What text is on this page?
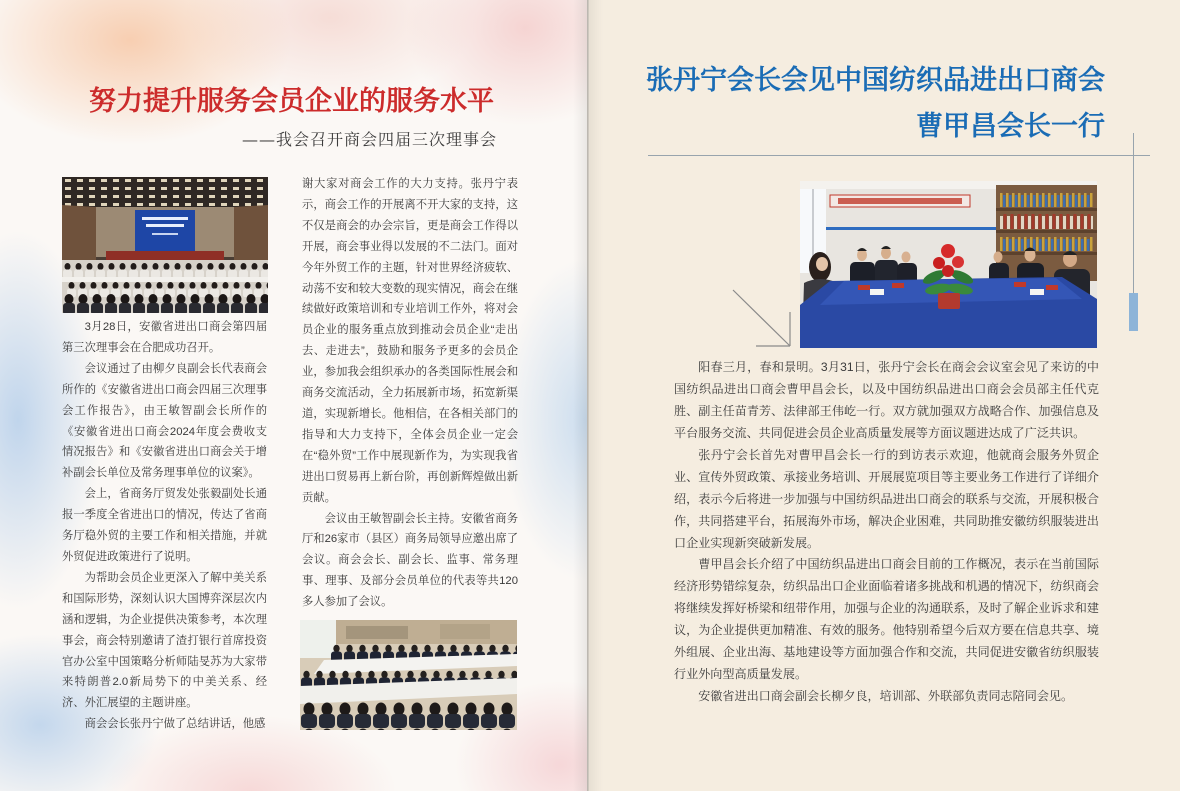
努力提升服务会员企业的服务水平
——我会召开商会四届三次理事会

3月28日，安徽省进出口商会第四届第三次理事会在合肥成功召开。

会议通过了由柳夕良副会长代表商会所作的《安徽省进出口商会四届三次理事会工作报告》，由王敏智副会长所作的《安徽省进出口商会2024年度会费收支情况报告》和《安徽省进出口商会关于增补副会长单位及常务理事单位的议案》。

会上，省商务厅贸发处张毅副处长通报一季度全省进出口的情况，传达了省商务厅稳外贸的主要工作和相关措施，并就外贸促进政策进行了说明。

为帮助会员企业更深入了解中美关系和国际形势，深刻认识大国博弈深层次内涵和逻辑，为企业提供决策参考，本次理事会，商会特别邀请了渣打银行首席投资官办公室中国策略分析师陆旻苏为大家带来特朗普2.0新局势下的中美关系、经济、外汇展望的主题讲座。

商会会长张丹宁做了总结讲话，他感

谢大家对商会工作的大力支持。张丹宁表示，商会工作的开展离不开大家的支持，这不仅是商会的办会宗旨，更是商会工作得以开展，商会事业得以发展的不二法门。面对今年外贸工作的主题，针对世界经济疲软、动荡不安和较大变数的现实情况，商会在继续做好政策培训和专业培训工作外，将对会员企业的服务重点放到推动会员企业“走出去、走进去”，鼓励和服务予更多的会员企业，参加我会组织承办的各类国际性展会和商务交流活动，全力拓展新市场，拓宽新渠道，实现新增长。他相信，在各相关部门的指导和大力支持下，全体会员企业一定会在“稳外贸”工作中展现新作为，为实现我省进出口贸易再上新台阶，再创新辉煌做出新贡献。

会议由王敏智副会长主持。安徽省商务厅和26家市（县区）商务局领导应邀出席了会议。商会会长、副会长、监事、常务理事、理事、及部分会员单位的代表等共120多人参加了会议。

张丹宁会长会见中国纺织品进出口商会
曹甲昌会长一行

阳春三月，春和景明。3月31日，张丹宁会长在商会会议室会见了来访的中国纺织品进出口商会曹甲昌会长，以及中国纺织品进出口商会会员部主任代克胜、副主任苗青芳、法律部王伟屹一行。双方就加强双方战略合作、加强信息及平台服务交流、共同促进会员企业高质量发展等方面议题进达成了广泛共识。

张丹宁会长首先对曹甲昌会长一行的到访表示欢迎，他就商会服务外贸企业、宣传外贸政策、承接业务培训、开展展览项目等主要业务工作进行了详细介绍，表示今后将进一步加强与中国纺织品进出口商会的联系与交流，开展积极合作，共同搭建平台，拓展海外市场，解决企业困难，共同助推安徽纺织服装进出口企业实现新突破新发展。

曹甲昌会长介绍了中国纺织品进出口商会目前的工作概况，表示在当前国际经济形势错综复杂，纺织品出口企业面临着诸多挑战和机遇的情况下，纺织商会将继续发挥好桥梁和纽带作用，加强与企业的沟通联系，及时了解企业诉求和建议，为企业提供更加精准、有效的服务。他特别希望今后双方要在信息共享、境外组展、企业出海、基地建设等方面加强合作和交流，共同促进安徽省纺织服装行业外向型高质量发展。

安徽省进出口商会副会长柳夕良，培训部、外联部负责同志陪同会见。
